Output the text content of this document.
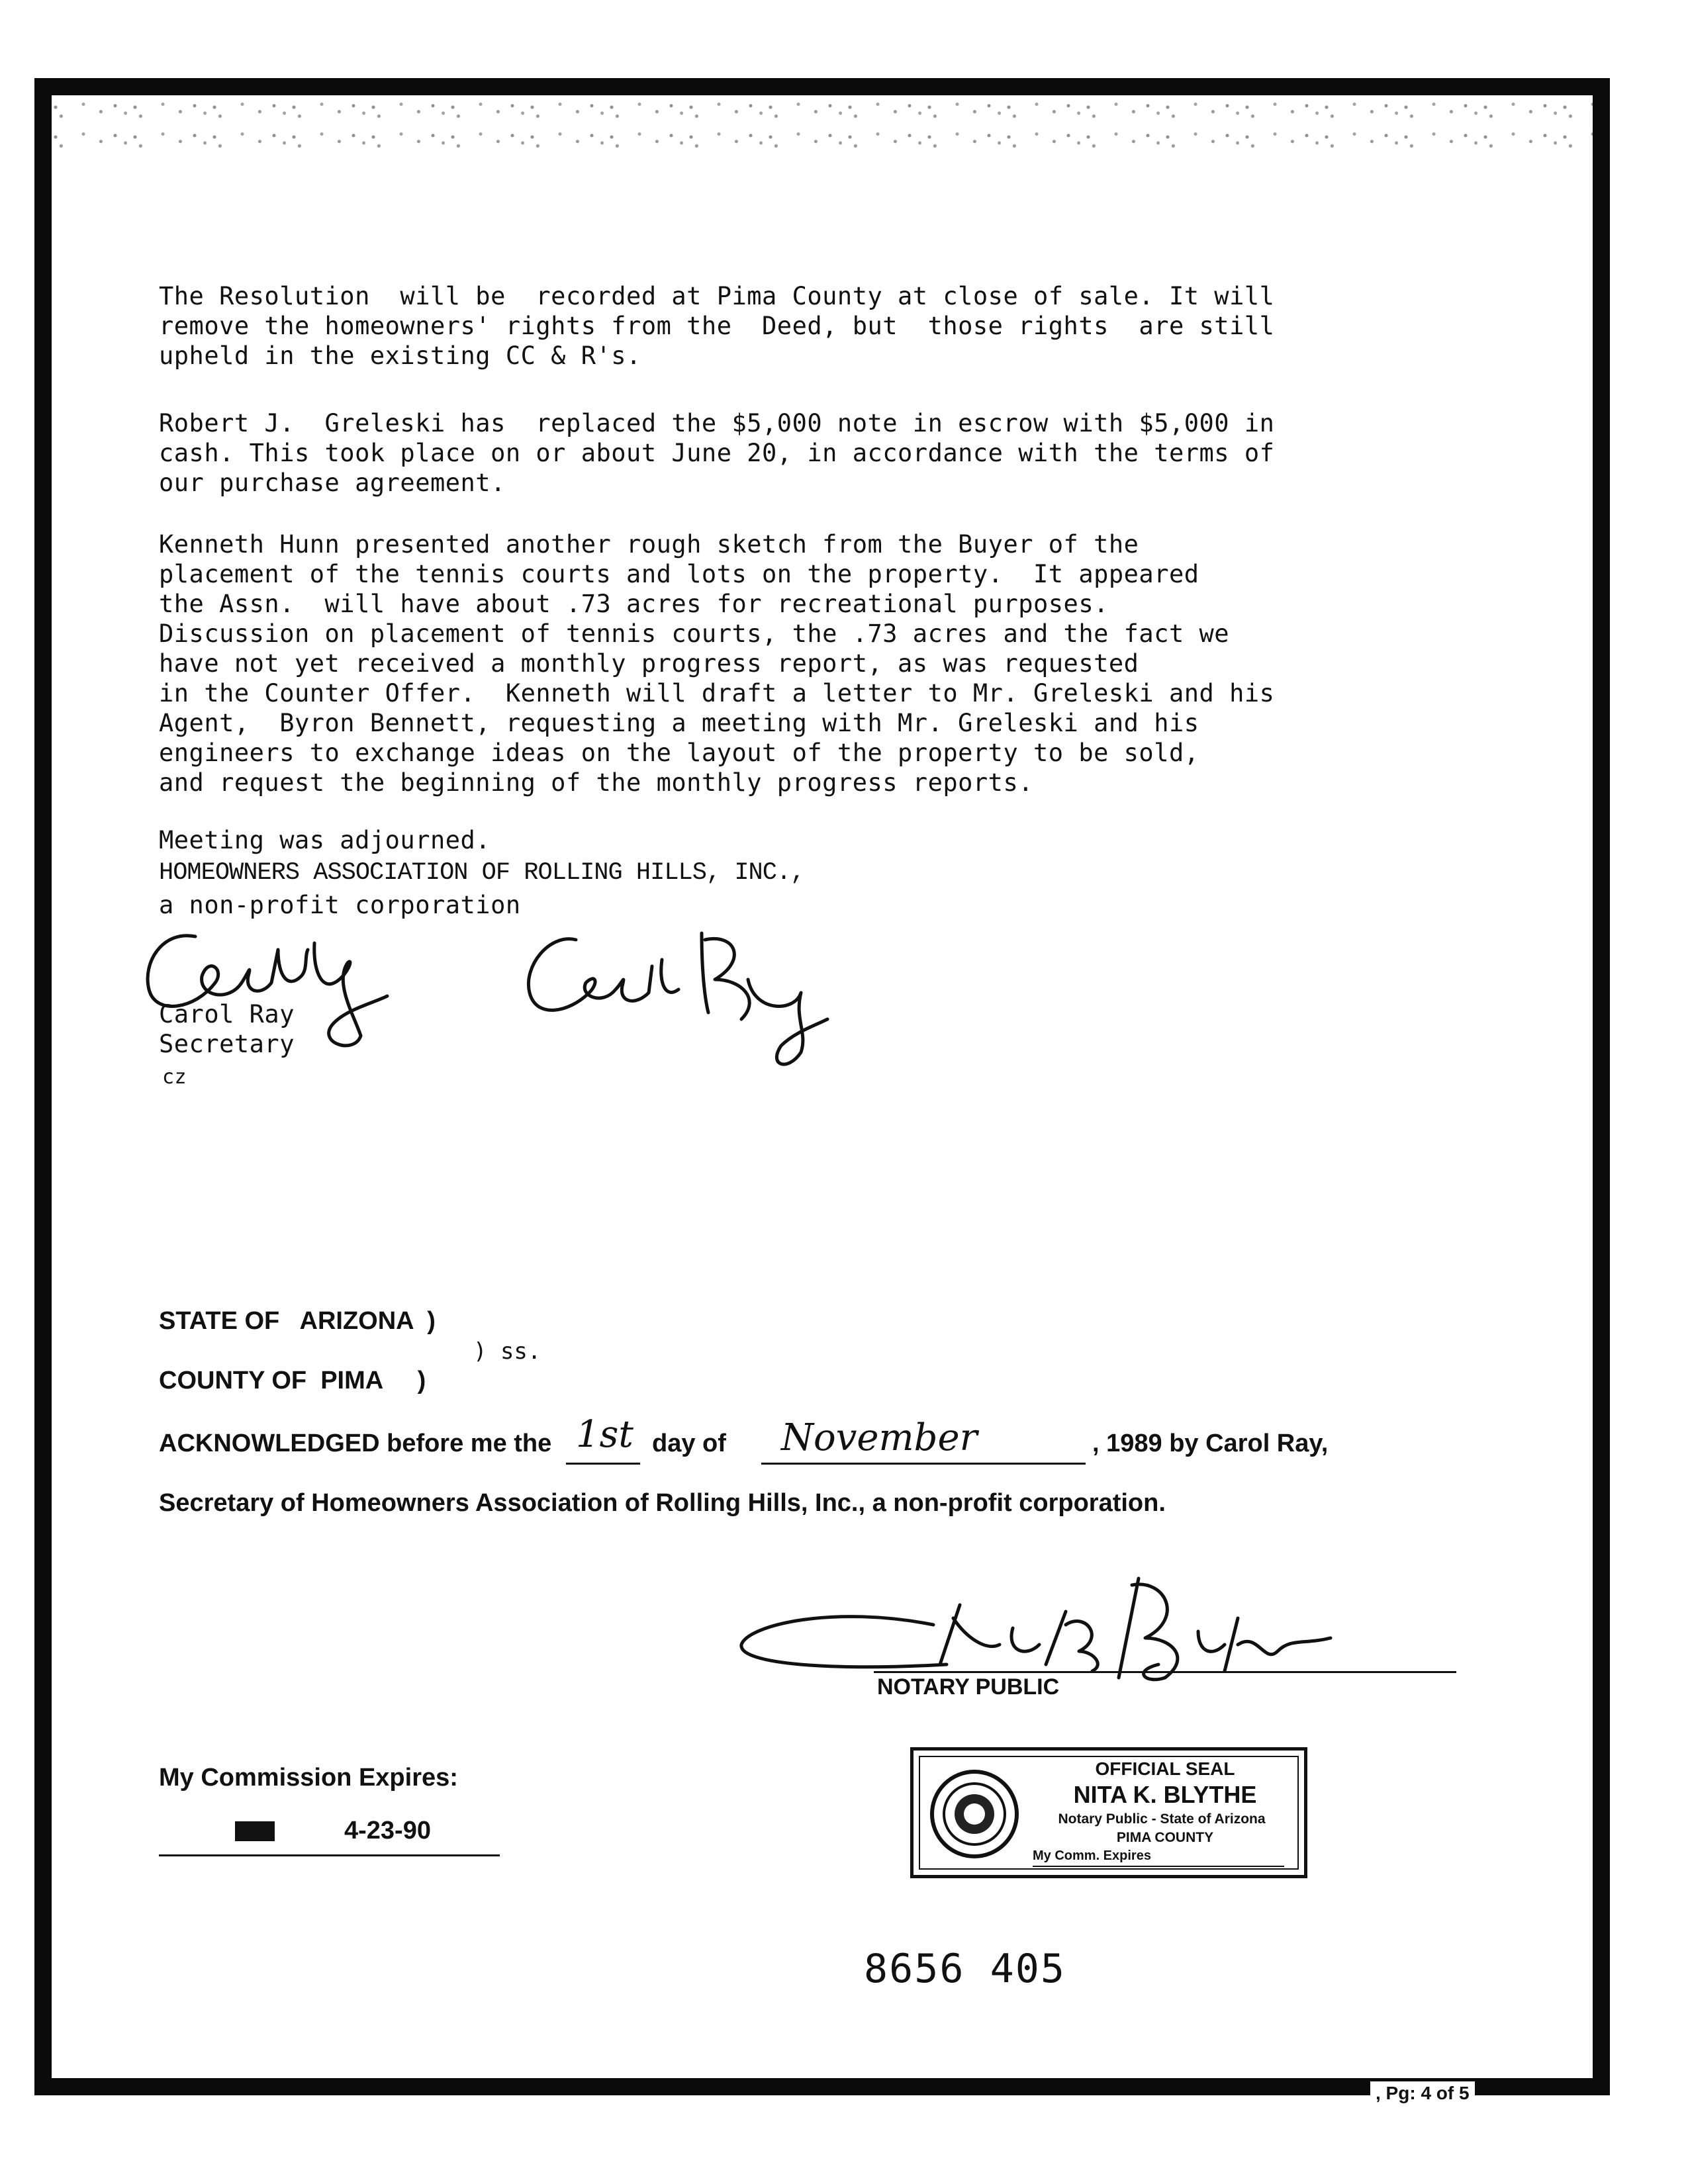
The Resolution  will be  recorded at Pima County at close of sale. It will
remove the homeowners' rights from the  Deed, but  those rights  are still
upheld in the existing CC & R's.

Robert J.  Greleski has  replaced the $5,000 note in escrow with $5,000 in
cash. This took place on or about June 20, in accordance with the terms of
our purchase agreement.

Kenneth Hunn presented another rough sketch from the Buyer of the
placement of the tennis courts and lots on the property.  It appeared
the Assn.  will have about .73 acres for recreational purposes.
Discussion on placement of tennis courts, the .73 acres and the fact we
have not yet received a monthly progress report, as was requested
in the Counter Offer.  Kenneth will draft a letter to Mr. Greleski and his
Agent,  Byron Bennett, requesting a meeting with Mr. Greleski and his
engineers to exchange ideas on the layout of the property to be sold,
and request the beginning of the monthly progress reports.

Meeting was adjourned.
HOMEOWNERS ASSOCIATION OF ROLLING HILLS, INC.,
a non-profit corporation
Carol Ray
Secretary
cz
STATE OF   ARIZONA  )
) ss.
COUNTY OF  PIMA     )
ACKNOWLEDGED before me the 1st day of November	, 1989 by Carol Ray,
Secretary of Homeowners Association of Rolling Hills, Inc., a non-profit corporation.
NOTARY PUBLIC
My Commission Expires:
4-23-90
OFFICIAL SEAL
NITA K. BLYTHE
Notary Public - State of Arizona
PIMA COUNTY
My Comm. Expires
8656 405
, Pg: 4 of 5
